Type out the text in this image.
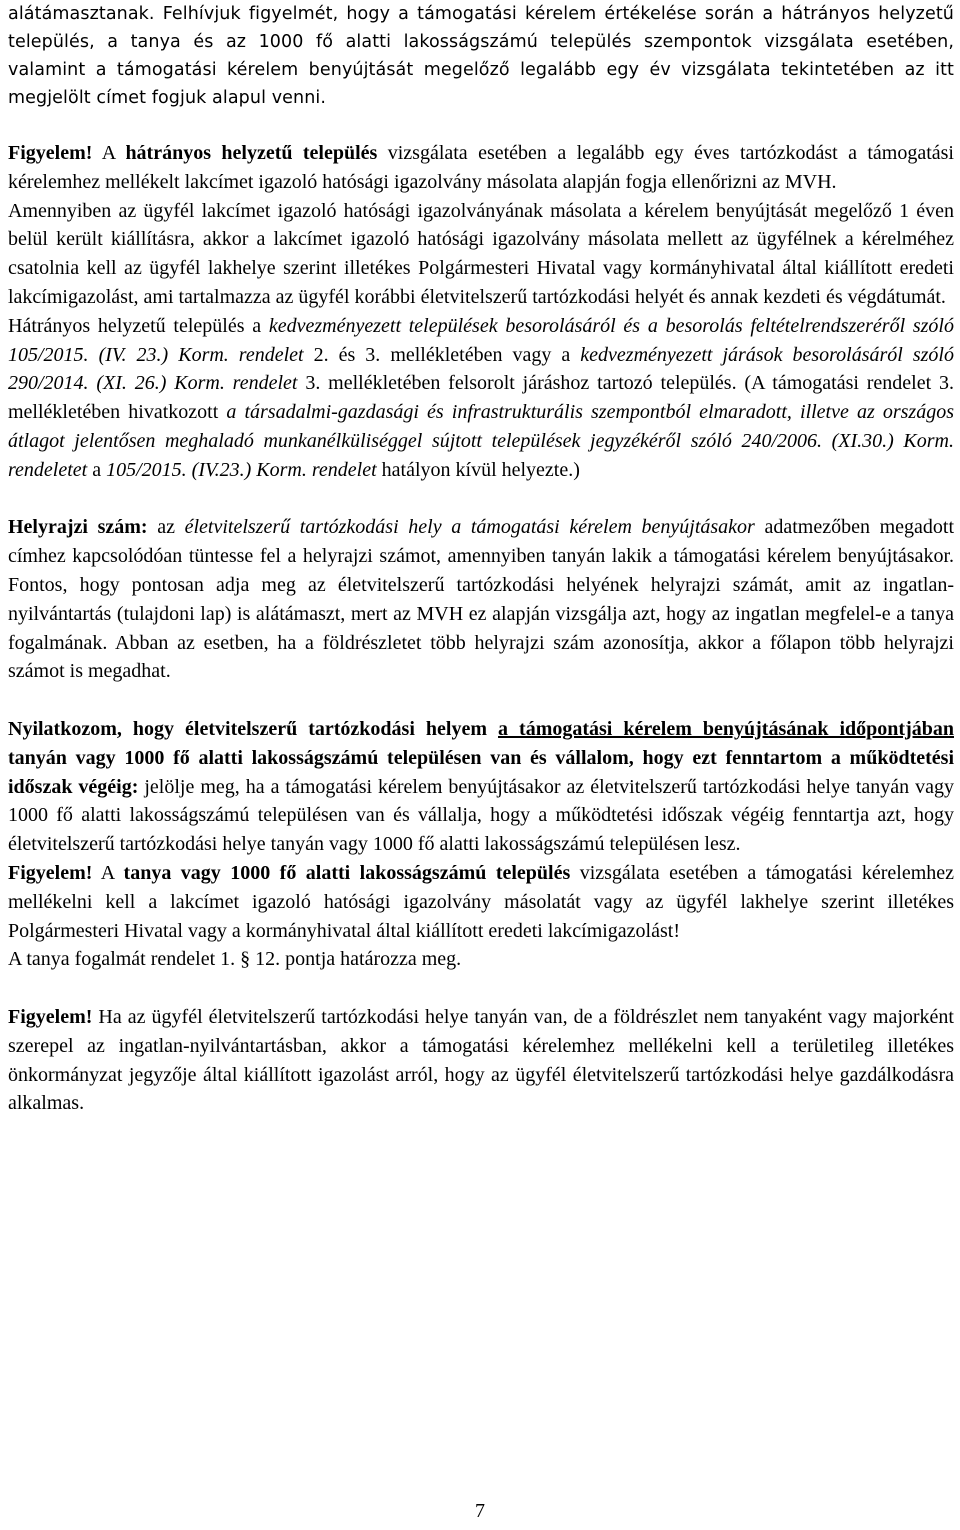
alátámasztanak. Felhívjuk figyelmét, hogy a támogatási kérelem értékelése során a hátrányos helyzetű település, a tanya és az 1000 fő alatti lakosságszámú település szempontok vizsgálata esetében, valamint a támogatási kérelem benyújtását megelőző legalább egy év vizsgálata tekintetében az itt megjelölt címet fogjuk alapul venni.

Figyelem! A hátrányos helyzetű település vizsgálata esetében a legalább egy éves tartózkodást a támogatási kérelemhez mellékelt lakcímet igazoló hatósági igazolvány másolata alapján fogja ellenőrizni az MVH.

Amennyiben az ügyfél lakcímet igazoló hatósági igazolványának másolata a kérelem benyújtását megelőző 1 éven belül került kiállításra, akkor a lakcímet igazoló hatósági igazolvány másolata mellett az ügyfélnek a kérelméhez csatolnia kell az ügyfél lakhelye szerint illetékes Polgármesteri Hivatal vagy kormányhivatal által kiállított eredeti lakcímigazolást, ami tartalmazza az ügyfél korábbi életvitelszerű tartózkodási helyét és annak kezdeti és végdátumát.

Hátrányos helyzetű település a kedvezményezett települések besorolásáról és a besorolás feltételrendszeréről szóló 105/2015. (IV. 23.) Korm. rendelet 2. és 3. mellékletében vagy a kedvezményezett járások besorolásáról szóló 290/2014. (XI. 26.) Korm. rendelet 3. mellékletében felsorolt járáshoz tartozó település. (A támogatási rendelet 3. mellékletében hivatkozott a társadalmi-gazdasági és infrastrukturális szempontból elmaradott, illetve az országos átlagot jelentősen meghaladó munkanélküliséggel sújtott települések jegyzékéről szóló 240/2006. (XI.30.) Korm. rendeletet a 105/2015. (IV.23.) Korm. rendelet hatályon kívül helyezte.)

Helyrajzi szám: az életvitelszerű tartózkodási hely a támogatási kérelem benyújtásakor adatmezőben megadott címhez kapcsolódóan tüntesse fel a helyrajzi számot, amennyiben tanyán lakik a támogatási kérelem benyújtásakor. Fontos, hogy pontosan adja meg az életvitelszerű tartózkodási helyének helyrajzi számát, amit az ingatlan-nyilvántartás (tulajdoni lap) is alátámaszt, mert az MVH ez alapján vizsgálja azt, hogy az ingatlan megfelel-e a tanya fogalmának. Abban az esetben, ha a földrészletet több helyrajzi szám azonosítja, akkor a főlapon több helyrajzi számot is megadhat.

Nyilatkozom, hogy életvitelszerű tartózkodási helyem a támogatási kérelem benyújtásának időpontjában tanyán vagy 1000 fő alatti lakosságszámú településen van és vállalom, hogy ezt fenntartom a működtetési időszak végéig: jelölje meg, ha a támogatási kérelem benyújtásakor az életvitelszerű tartózkodási helye tanyán vagy 1000 fő alatti lakosságszámú településen van és vállalja, hogy a működtetési időszak végéig fenntartja azt, hogy életvitelszerű tartózkodási helye tanyán vagy 1000 fő alatti lakosságszámú településen lesz.

Figyelem! A tanya vagy 1000 fő alatti lakosságszámú település vizsgálata esetében a támogatási kérelemhez mellékelni kell a lakcímet igazoló hatósági igazolvány másolatát vagy az ügyfél lakhelye szerint illetékes Polgármesteri Hivatal vagy a kormányhivatal által kiállított eredeti lakcímigazolást!

A tanya fogalmát rendelet 1. § 12. pontja határozza meg.

Figyelem! Ha az ügyfél életvitelszerű tartózkodási helye tanyán van, de a földrészlet nem tanyaként vagy majorként szerepel az ingatlan-nyilvántartásban, akkor a támogatási kérelemhez mellékelni kell a területileg illetékes önkormányzat jegyzője által kiállított igazolást arról, hogy az ügyfél életvitelszerű tartózkodási helye gazdálkodásra alkalmas.

7
